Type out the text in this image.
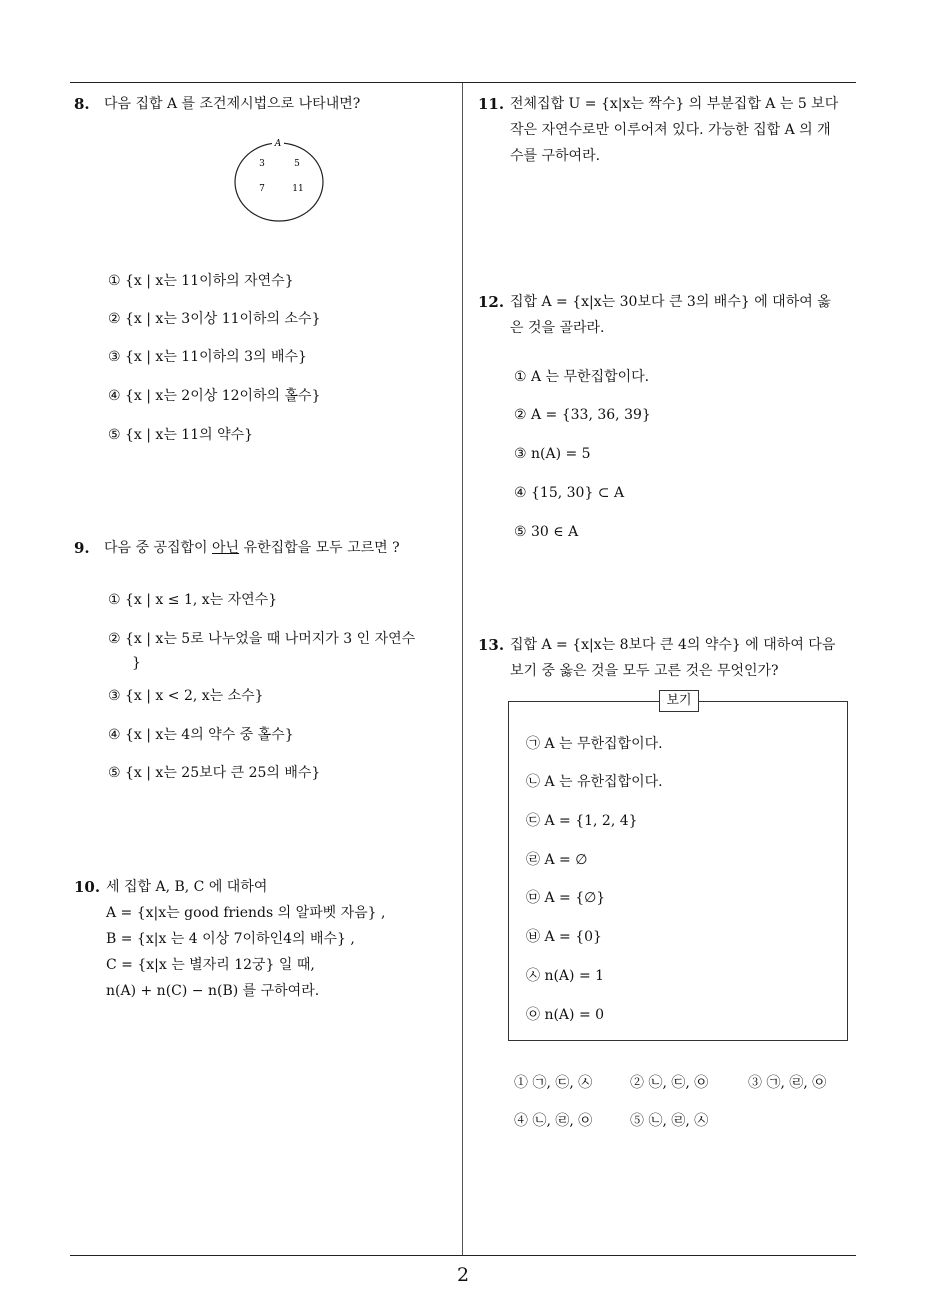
2
8. 다음 집합 A 를 조건제시법으로 나타내면?
A
3	5
7	11
① {x | x는 11이하의 자연수}
② {x | x는 3이상 11이하의 소수}
③ {x | x는 11이하의 3의 배수}
④ {x | x는 2이상 12이하의 홀수}
⑤ {x | x는 11의 약수}
9. 다음 중 공집합이 아닌 유한집합을 모두 고르면 ?
① {x | x ≤ 1, x는 자연수}
② {x | x는 5로 나누었을 때 나머지가 3 인 자연수
}
③ {x | x < 2, x는 소수}
④ {x | x는 4의 약수 중 홀수}
⑤ {x | x는 25보다 큰 25의 배수}
10. 세 집합 A, B, C 에 대하여
A = {x|x는 good friends 의 알파벳 자음} ,
B = {x|x 는 4 이상 7이하인4의 배수} ,
C = {x|x 는 별자리 12궁} 일 때,
n(A) + n(C) − n(B) 를 구하여라.
11. 전체집합 U = {x|x는 짝수} 의 부분집합 A 는 5 보다
작은 자연수로만 이루어져 있다. 가능한 집합 A 의 개
수를 구하여라.
12. 집합 A = {x|x는 30보다 큰 3의 배수} 에 대하여 옳
은 것을 골라라.
① A 는 무한집합이다.
② A = {33, 36, 39}
③ n(A) = 5
④ {15, 30} ⊂ A
⑤ 30 ∈ A
13. 집합 A = {x|x는 8보다 큰 4의 약수} 에 대하여 다음
보기 중 옳은 것을 모두 고른 것은 무엇인가?
보기
㉠ A 는 무한집합이다.
㉡ A 는 유한집합이다.
㉢ A = {1, 2, 4}
㉣ A = ∅
㉤ A = {∅}
㉥ A = {0}
㉦ n(A) = 1
㉧ n(A) = 0
① ㉠, ㉢, ㉦	② ㉡, ㉢, ㉧	③ ㉠, ㉣, ㉧
④ ㉡, ㉣, ㉧	⑤ ㉡, ㉣, ㉦
